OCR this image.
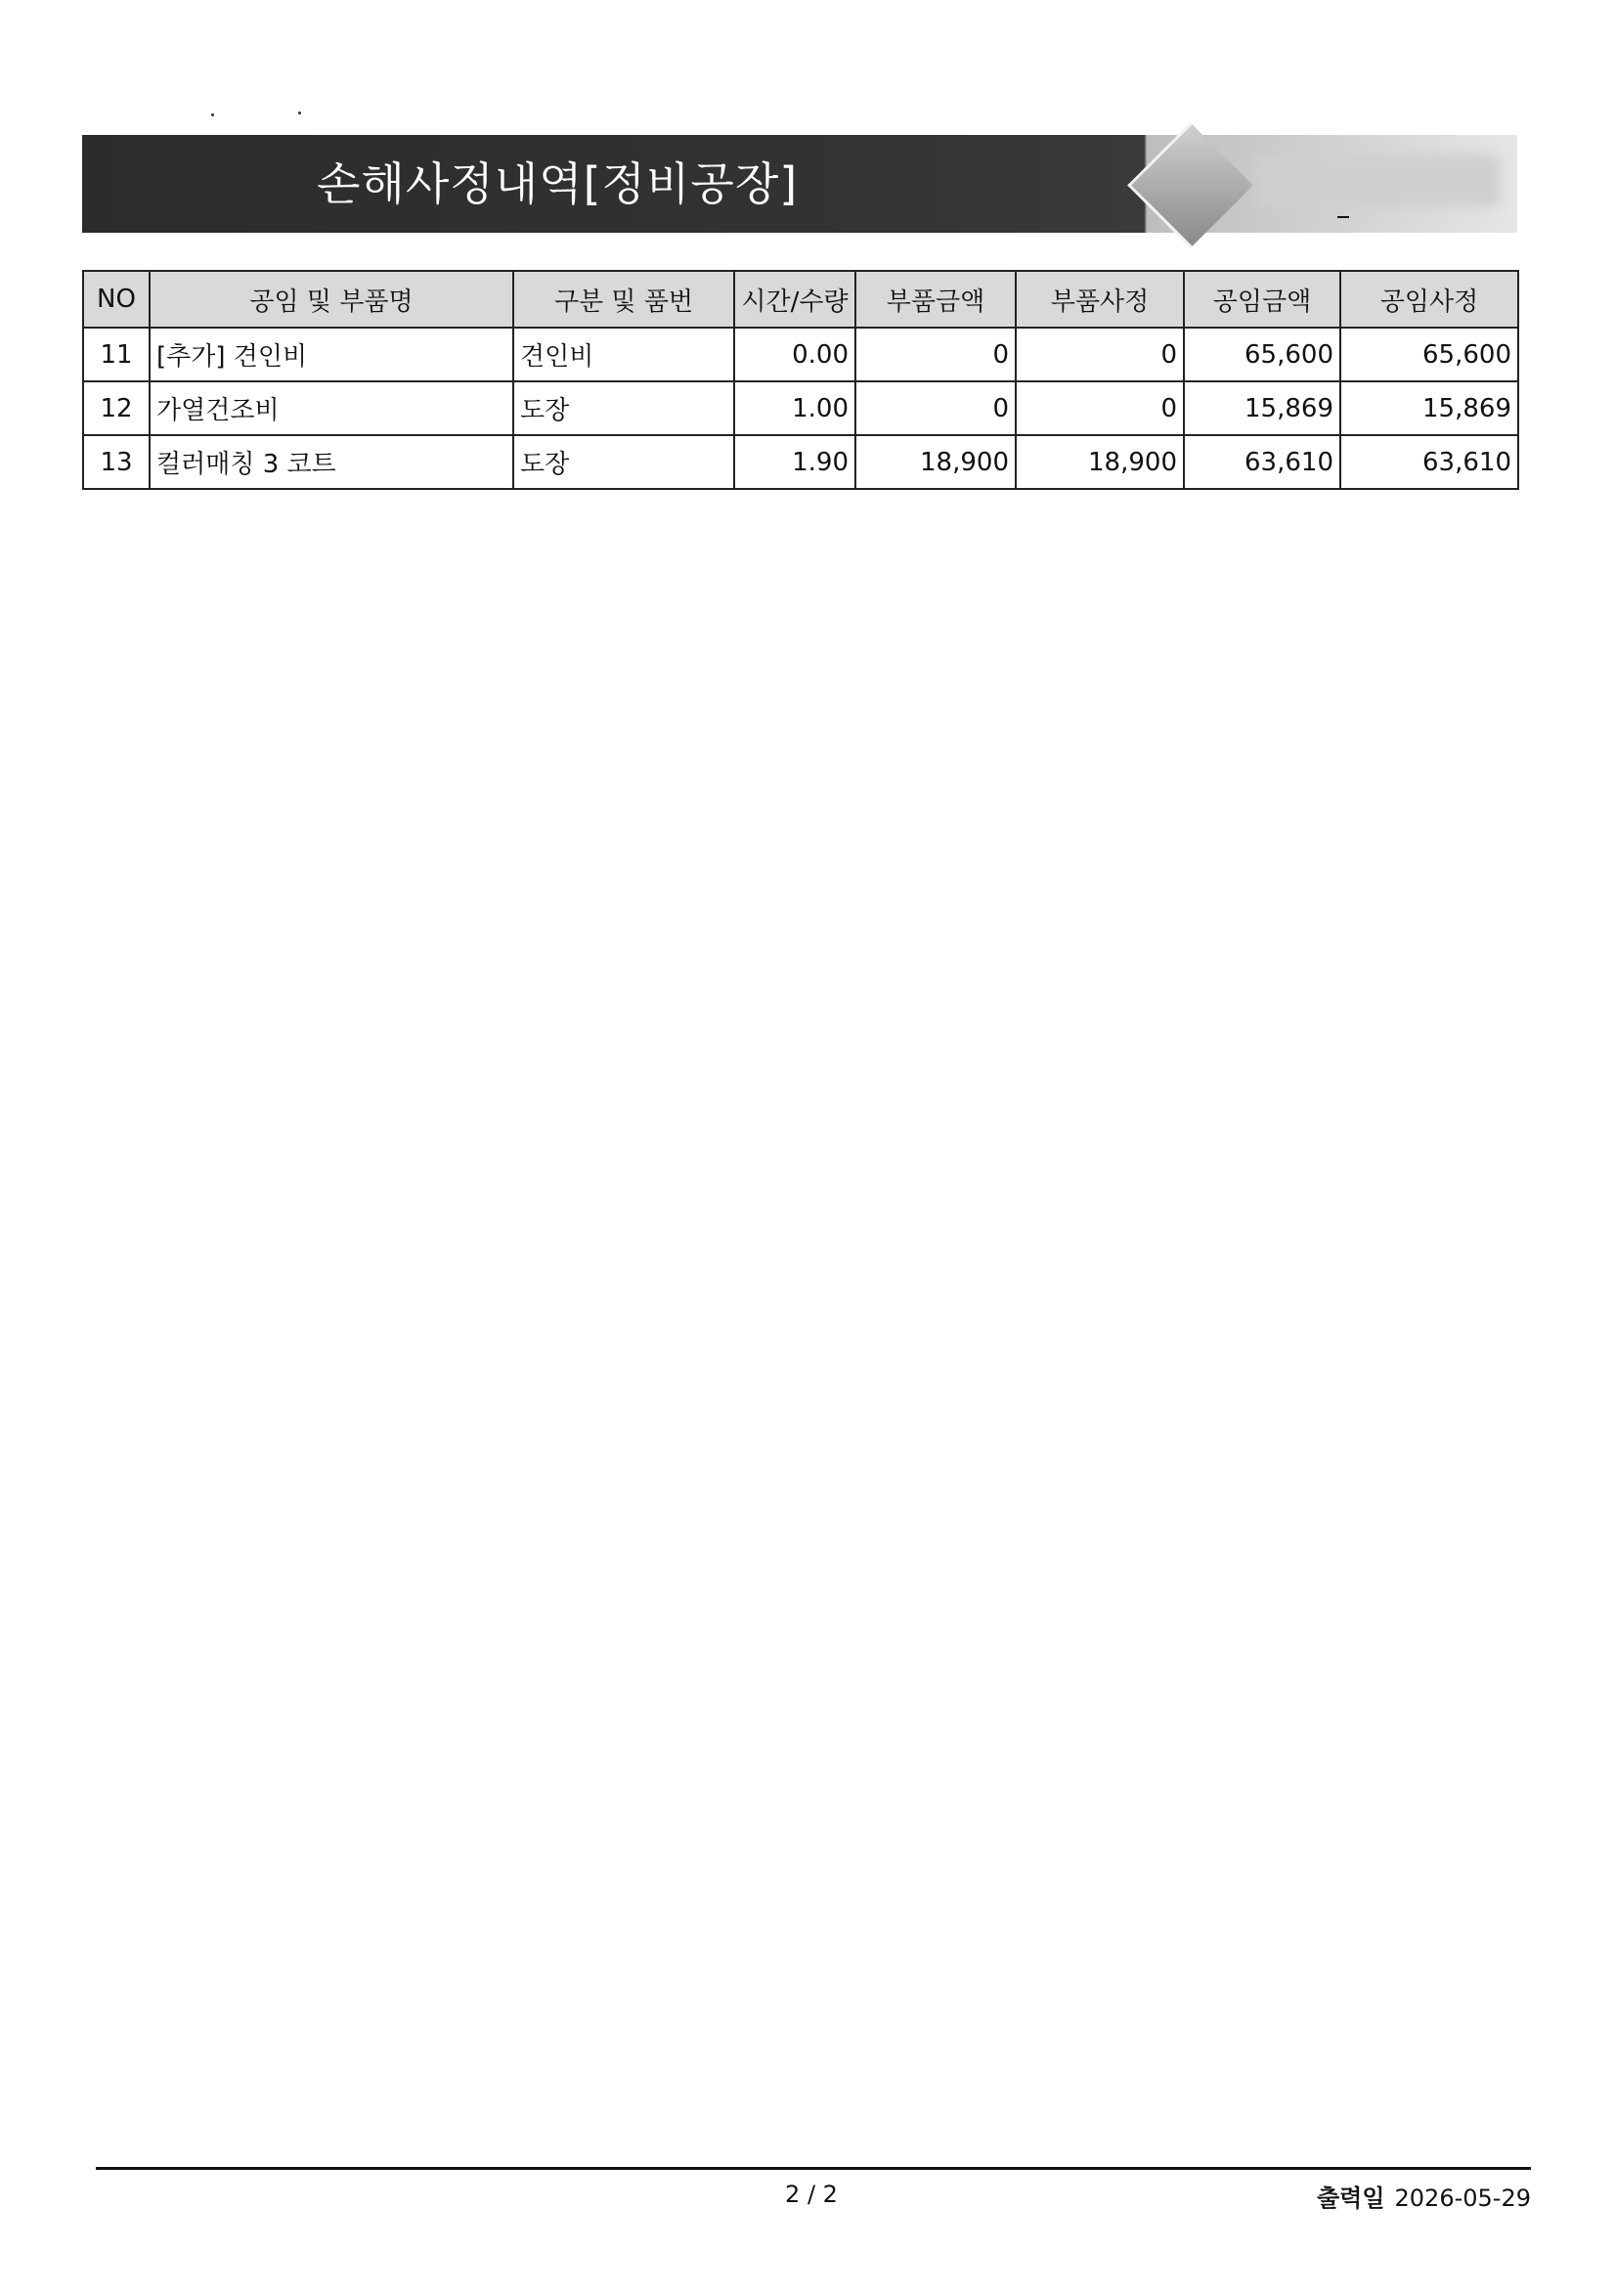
손해사정내역[정비공장]
NO	공임 및 부품명	구분 및 품번	시간/수량	부품금액	부품사정	공임금액	공임사정
11	[추가] 견인비	견인비	0.00	0	0	65,600	65,600
12	가열건조비	도장	1.00	0	0	15,869	15,869
13	컬러매칭 3 코트	도장	1.90	18,900	18,900	63,610	63,610
2 / 2	출력일 2026-05-29
